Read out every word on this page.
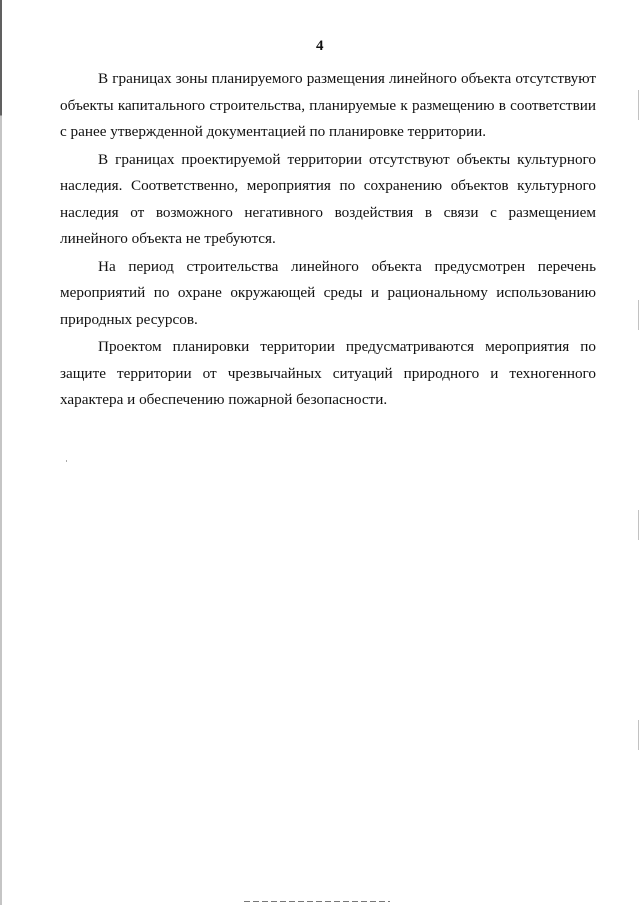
4

В границах зоны планируемого размещения линейного объекта отсутствуют объекты капитального строительства, планируемые к размещению в соответствии с ранее утвержденной документацией по планировке территории.

В границах проектируемой территории отсутствуют объекты культурного наследия. Соответственно, мероприятия по сохранению объектов культурного наследия от возможного негативного воздействия в связи с размещением линейного объекта не требуются.

На период строительства линейного объекта предусмотрен перечень мероприятий по охране окружающей среды и рациональному использованию природных ресурсов.

Проектом планировки территории предусматриваются мероприятия по защите территории от чрезвычайных ситуаций природного и техногенного характера и обеспечению пожарной безопасности.
